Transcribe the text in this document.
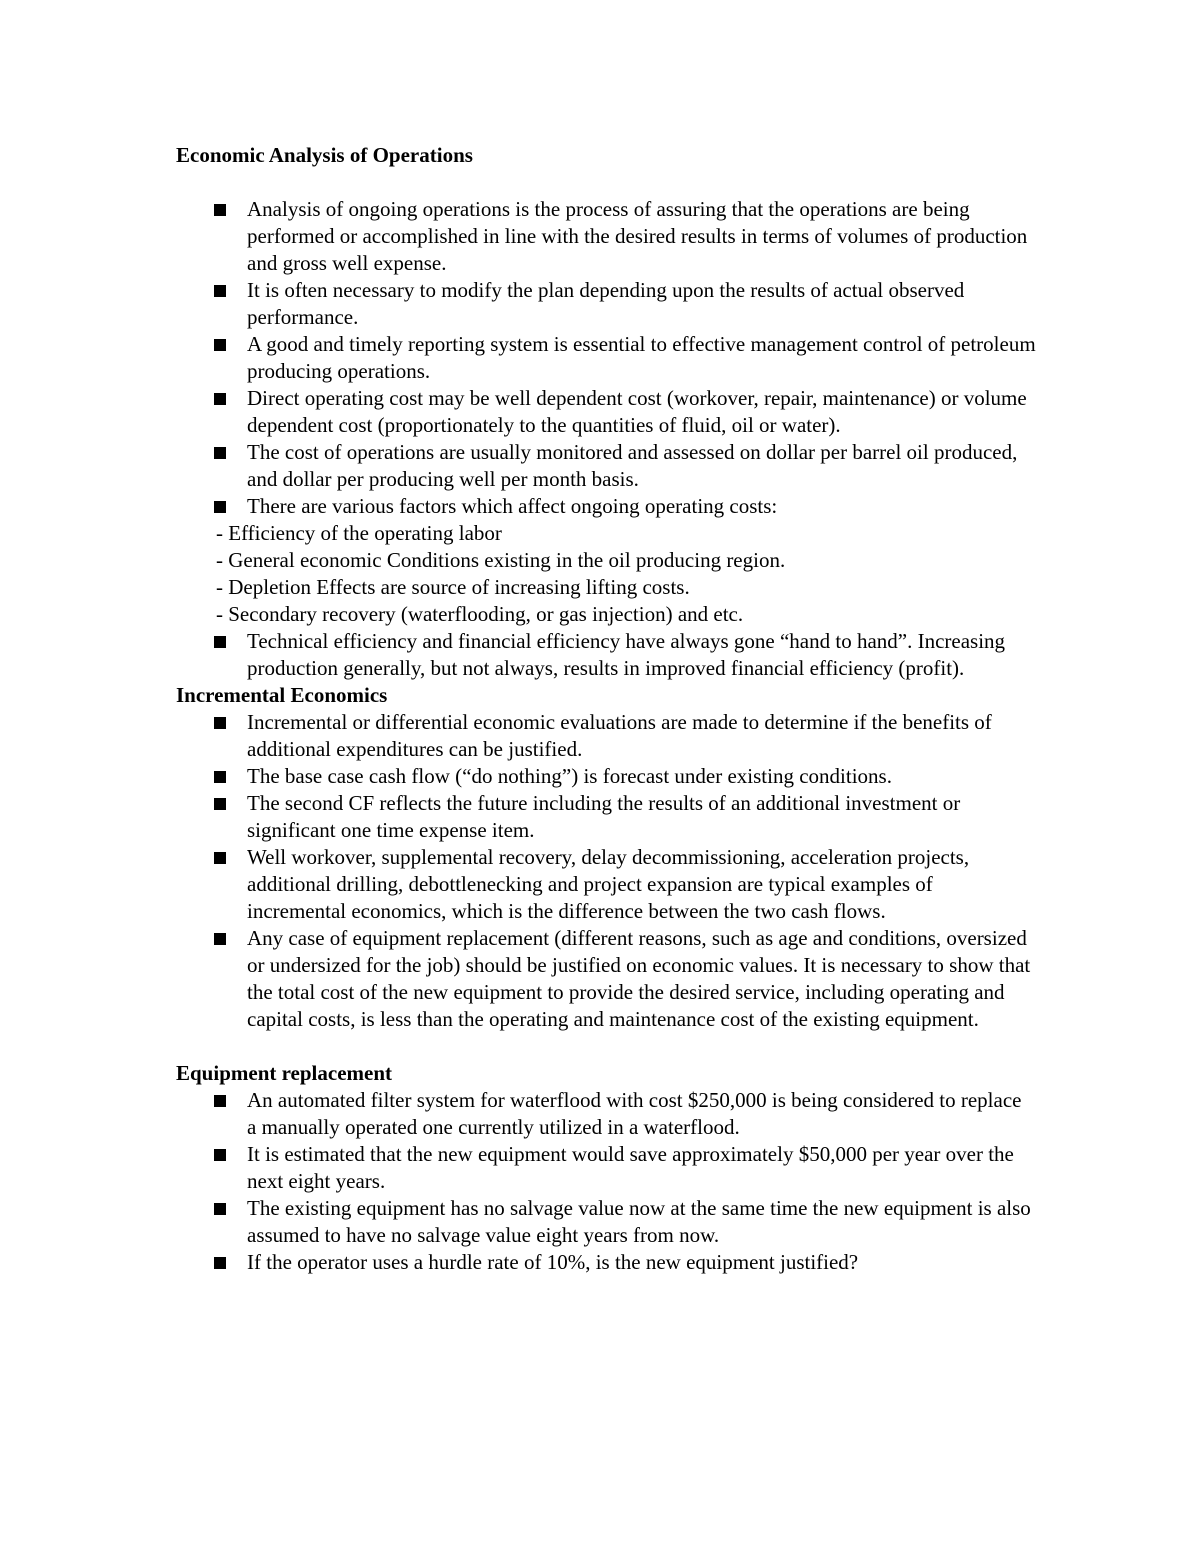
Economic Analysis of Operations
Analysis of ongoing operations is the process of assuring that the operations are being performed or accomplished in line with the desired results in terms of volumes of production and gross well expense.
It is often necessary to modify the plan depending upon the results of actual observed performance.
A good and timely reporting system is essential to effective management control of petroleum producing operations.
Direct operating cost may be well dependent cost (workover, repair, maintenance) or volume dependent cost (proportionately to the quantities of fluid, oil or water).
The cost of operations are usually monitored and assessed on dollar per barrel oil produced, and dollar per producing well per month basis.
There are various factors which affect ongoing operating costs:
- Efficiency of the operating labor
- General economic Conditions existing in the oil producing region.
- Depletion Effects are source of increasing lifting costs.
- Secondary recovery (waterflooding, or gas injection) and etc.
Technical efficiency and financial efficiency have always gone “hand to hand”. Increasing production generally, but not always, results in improved financial efficiency (profit).
Incremental Economics
Incremental or differential economic evaluations are made to determine if the benefits of additional expenditures can be justified.
The base case cash flow (“do nothing”) is forecast under existing conditions.
The second CF reflects the future including the results of an additional investment or significant one time expense item.
Well workover, supplemental recovery, delay decommissioning, acceleration projects, additional drilling, debottlenecking and project expansion are typical examples of incremental economics, which is the difference between the two cash flows.
Any case of equipment replacement (different reasons, such as age and conditions, oversized or undersized for the job) should be justified on economic values. It is necessary to show that the total cost of the new equipment to provide the desired service, including operating and capital costs, is less than the operating and maintenance cost of the existing equipment.
Equipment replacement
An automated filter system for waterflood with cost $250,000 is being considered to replace a manually operated one currently utilized in a waterflood.
It is estimated that the new equipment would save approximately $50,000 per year over the next eight years.
The existing equipment has no salvage value now at the same time the new equipment is also assumed to have no salvage value eight years from now.
If the operator uses a hurdle rate of 10%, is the new equipment justified?
